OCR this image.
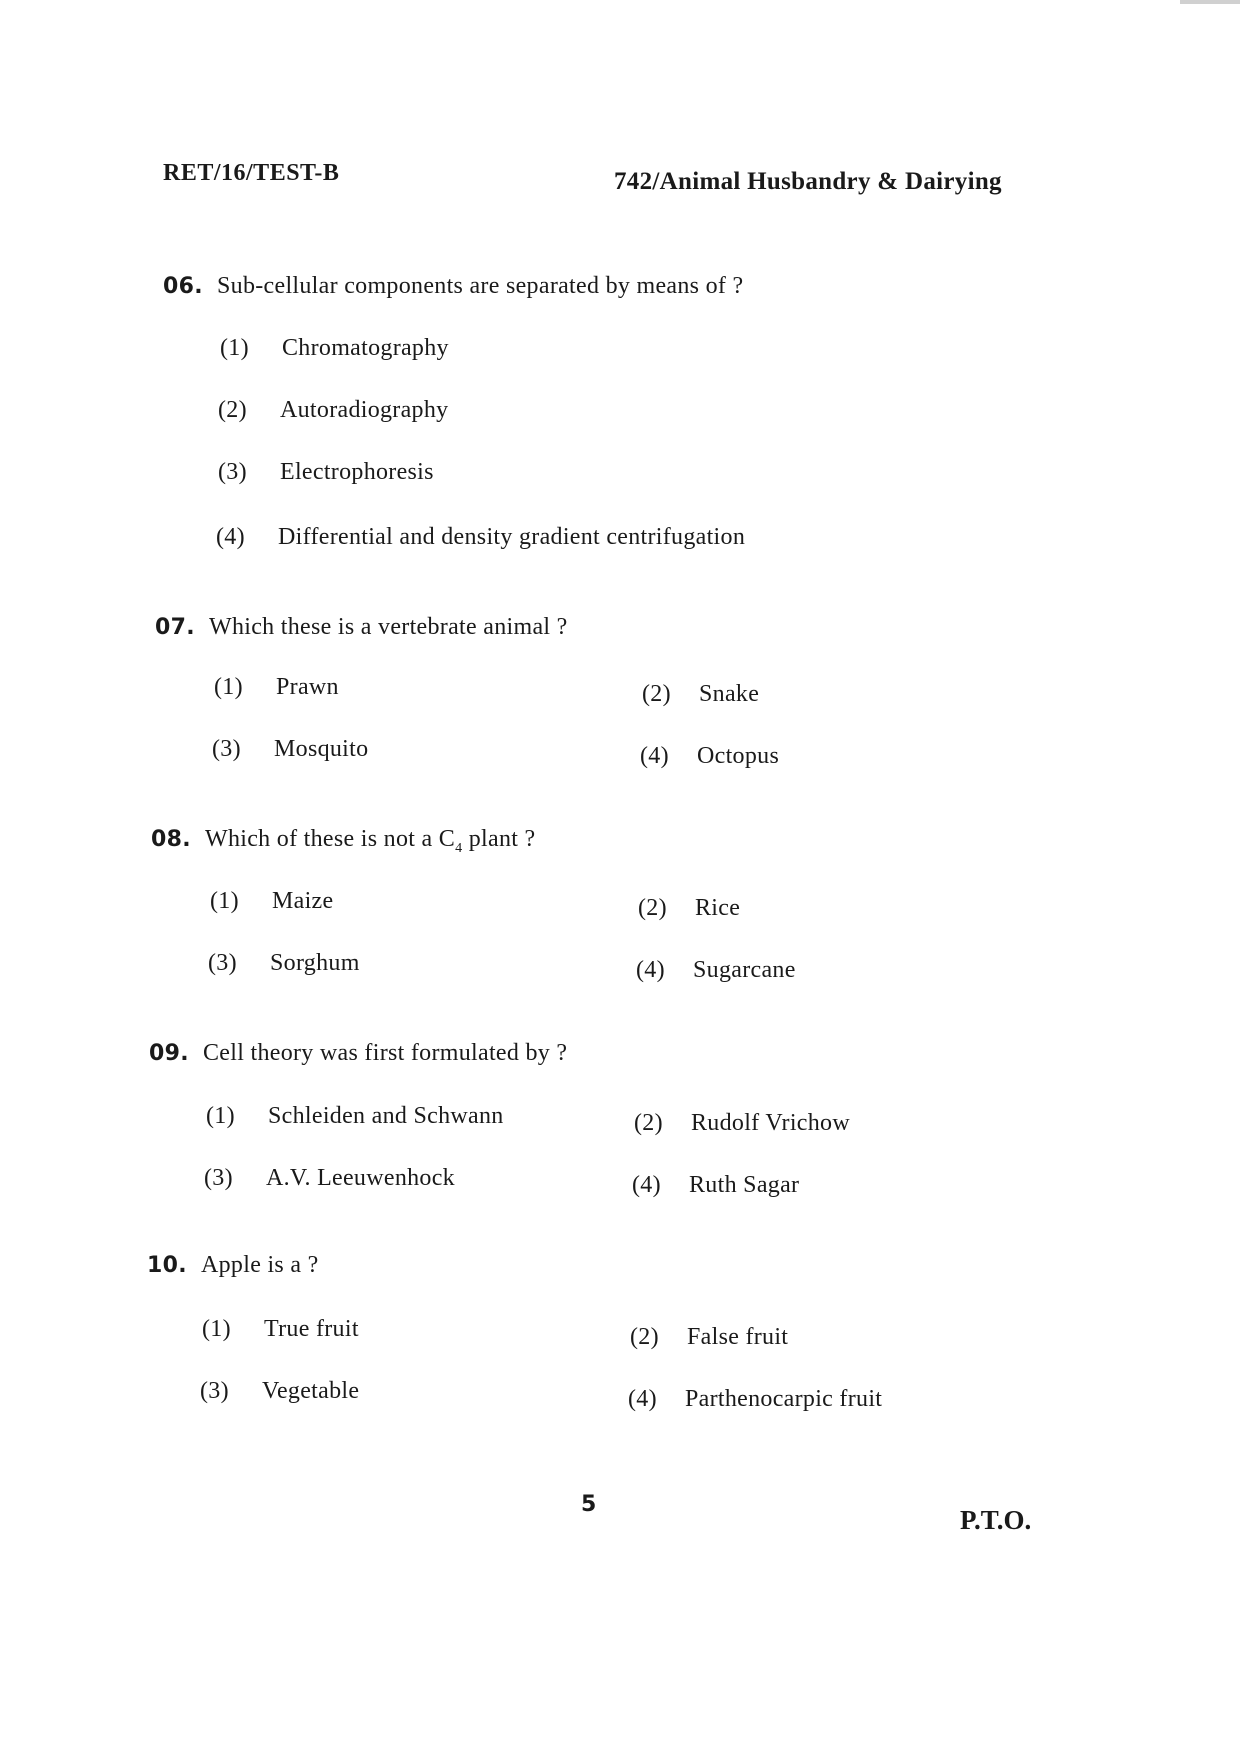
RET/16/TEST-B	742/Animal Husbandry & Dairying
06. Sub-cellular components are separated by means of ?
(1) Chromatography
(2) Autoradiography
(3) Electrophoresis
(4) Differential and density gradient centrifugation
07. Which these is a vertebrate animal ?
(1) Prawn	(2) Snake
(3) Mosquito	(4) Octopus
08. Which of these is not a $C_4$ plant ?
(1) Maize	(2) Rice
(3) Sorghum	(4) Sugarcane
09. Cell theory was first formulated by ?
(1) Schleiden and Schwann	(2) Rudolf Vrichow
(3) A.V. Leeuwenhock	(4) Ruth Sagar
10. Apple is a ?
(1) True fruit	(2) False fruit
(3) Vegetable	(4) Parthenocarpic fruit
5
P.T.O.
